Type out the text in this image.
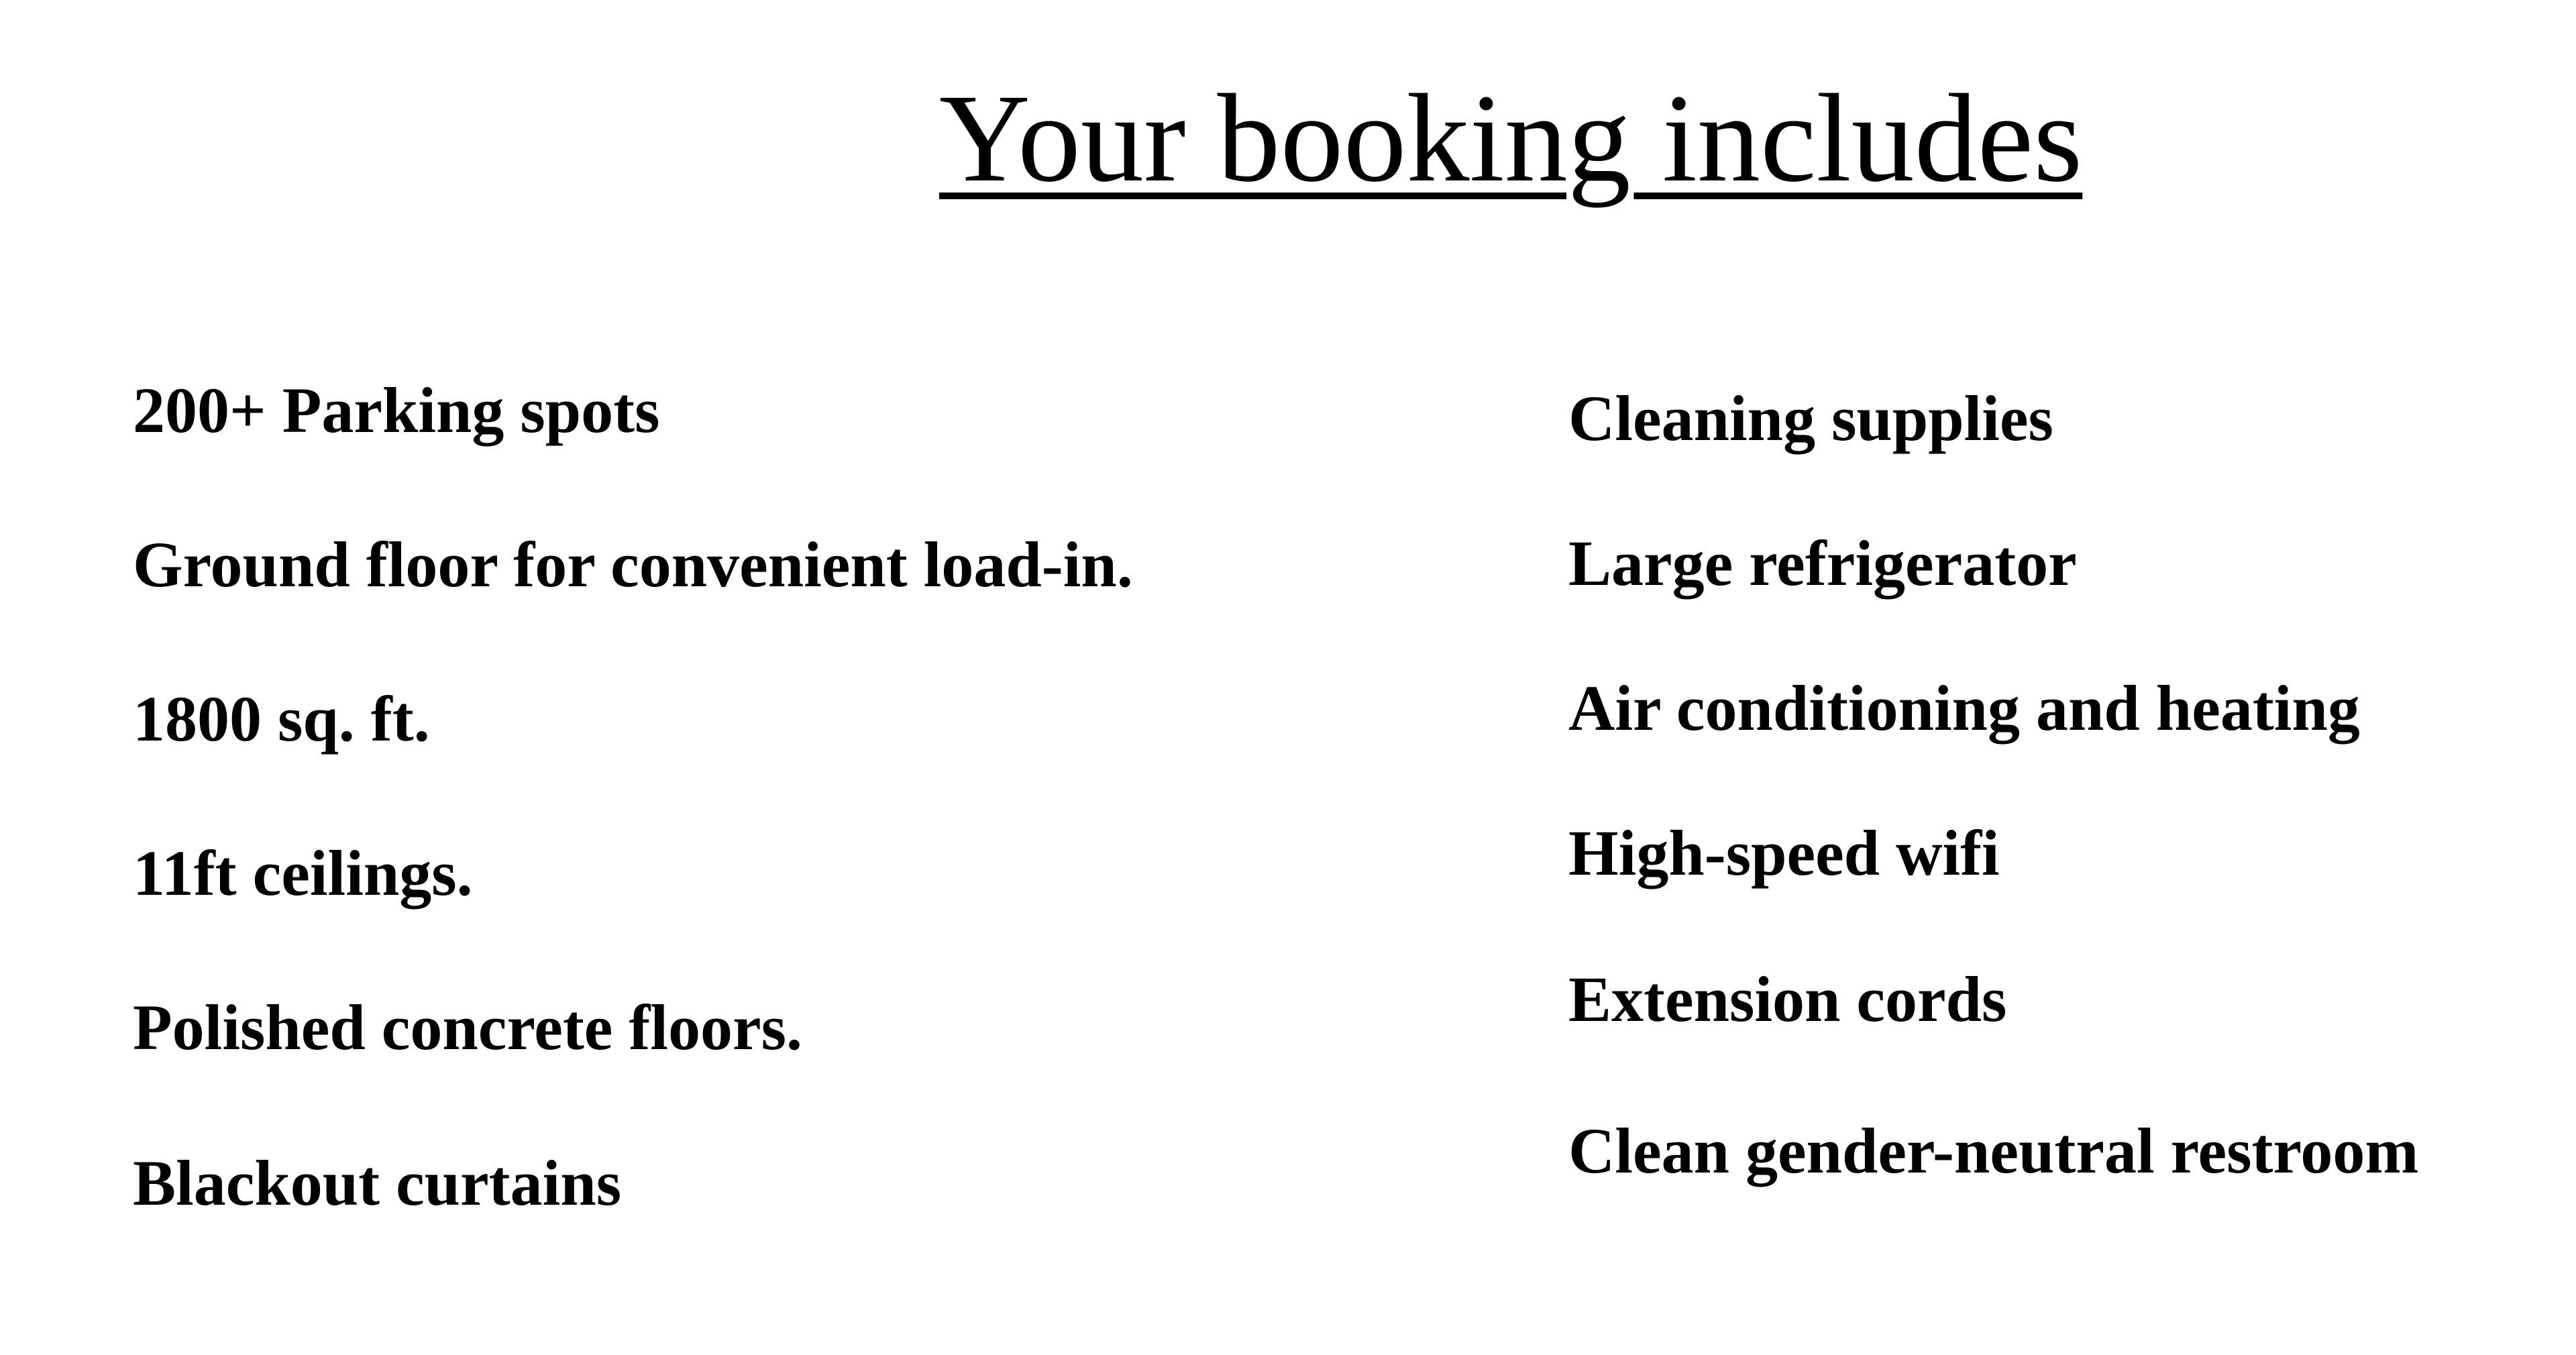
Your booking includes

200+ Parking spots

Ground floor for convenient load-in.

1800 sq. ft.

11ft ceilings.

Polished concrete floors.

Blackout curtains

Cleaning supplies

Large refrigerator

Air conditioning and heating

High-speed wifi

Extension cords

Clean gender-neutral restroom
